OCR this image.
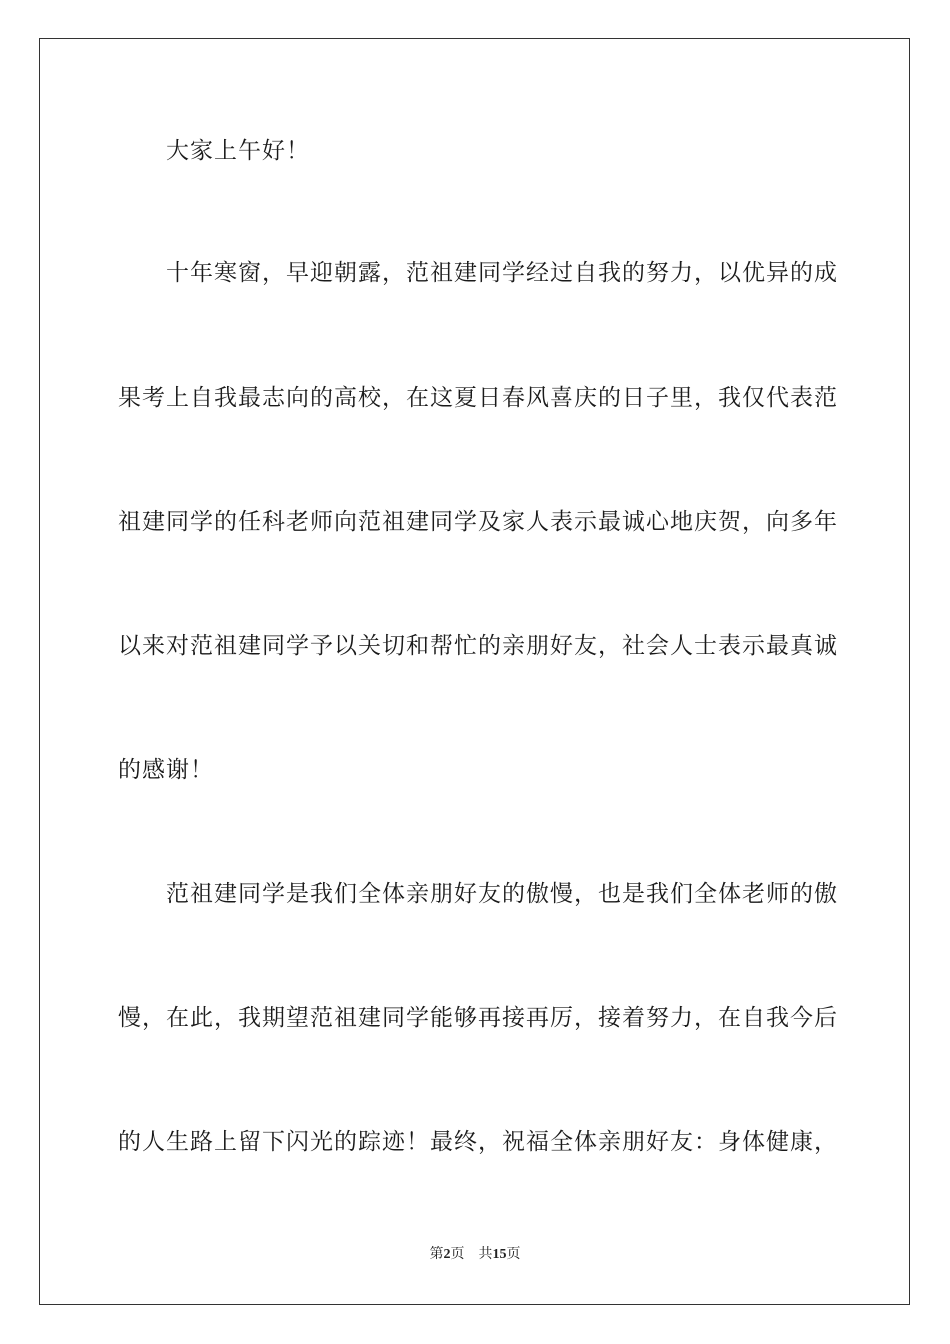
大家上午好！
十年寒窗，早迎朝露，范祖建同学经过自我的努力，以优异的成
果考上自我最志向的高校，在这夏日春风喜庆的日子里，我仅代表范
祖建同学的任科老师向范祖建同学及家人表示最诚心地庆贺，向多年
以来对范祖建同学予以关切和帮忙的亲朋好友，社会人士表示最真诚
的感谢！
范祖建同学是我们全体亲朋好友的傲慢，也是我们全体老师的傲
慢，在此，我期望范祖建同学能够再接再厉，接着努力，在自我今后
的人生路上留下闪光的踪迹！最终，祝福全体亲朋好友：身体健康，
第2页 共15页
